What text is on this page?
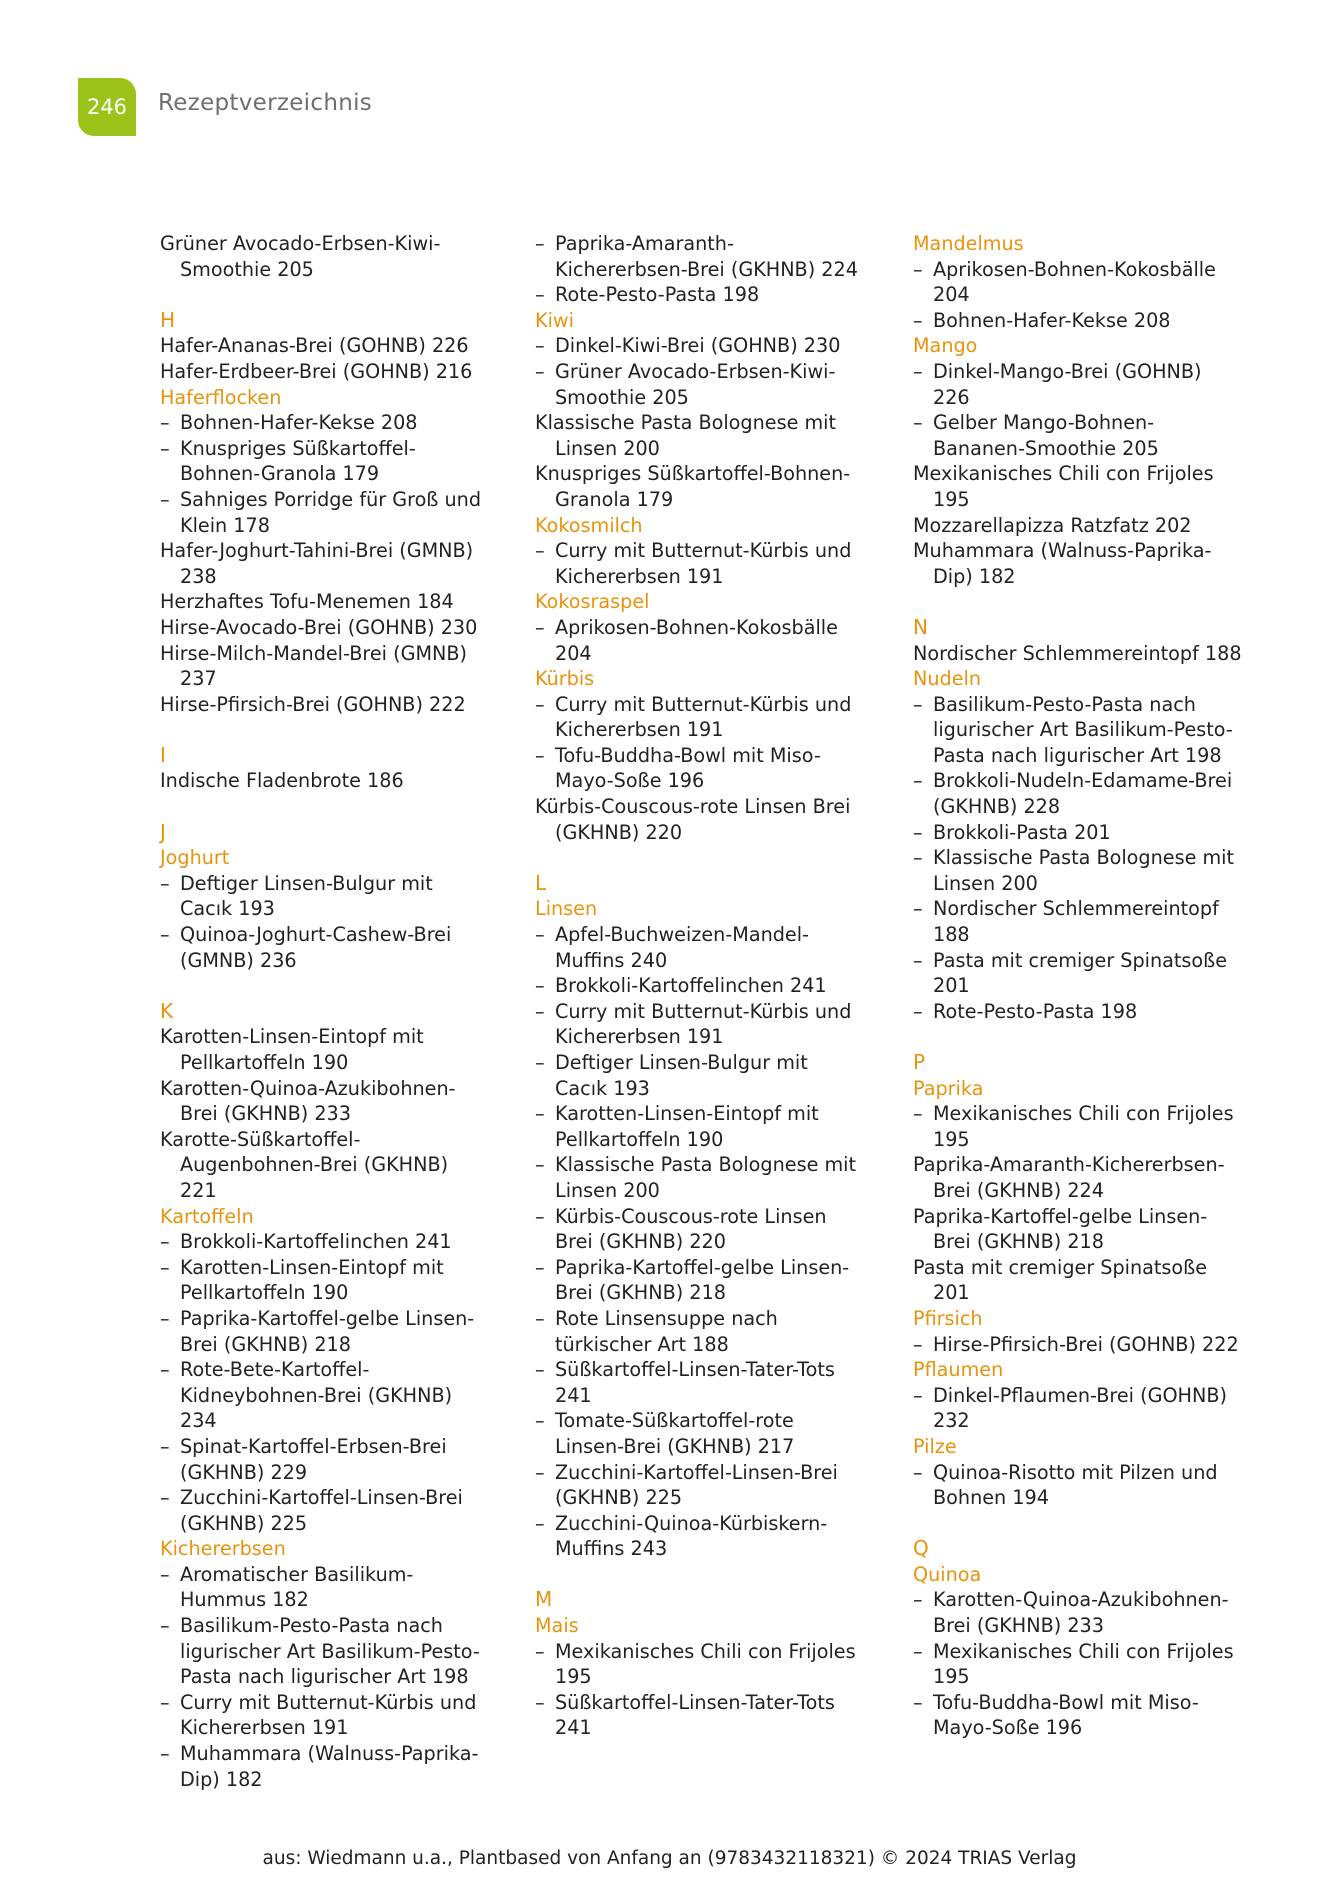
246 Rezeptverzeichnis
Grüner Avocado-Erbsen-Kiwi-Smoothie 205
H
Hafer-Ananas-Brei (GOHNB) 226
Hafer-Erdbeer-Brei (GOHNB) 216
Haferflocken
– Bohnen-Hafer-Kekse 208
– Knuspriges Süßkartoffel-Bohnen-Granola 179
– Sahniges Porridge für Groß und Klein 178
Hafer-Joghurt-Tahini-Brei (GMNB) 238
Herzhaftes Tofu-Menemen 184
Hirse-Avocado-Brei (GOHNB) 230
Hirse-Milch-Mandel-Brei (GMNB) 237
Hirse-Pfirsich-Brei (GOHNB) 222
I
Indische Fladenbrote 186
J
Joghurt
– Deftiger Linsen-Bulgur mit Cacık 193
– Quinoa-Joghurt-Cashew-Brei (GMNB) 236
K
Karotten-Linsen-Eintopf mit Pellkartoffeln 190
Karotten-Quinoa-Azukibohnen-Brei (GKHNB) 233
Karotte-Süßkartoffel-Augenbohnen-Brei (GKHNB) 221
Kartoffeln
– Brokkoli-Kartoffelinchen 241
– Karotten-Linsen-Eintopf mit Pellkartoffeln 190
– Paprika-Kartoffel-gelbe Linsen-Brei (GKHNB) 218
– Rote-Bete-Kartoffel-Kidneybohnen-Brei (GKHNB) 234
– Spinat-Kartoffel-Erbsen-Brei (GKHNB) 229
– Zucchini-Kartoffel-Linsen-Brei (GKHNB) 225
Kichererbsen
– Aromatischer Basilikum-Hummus 182
– Basilikum-Pesto-Pasta nach ligurischer Art Basilikum-Pesto-Pasta nach ligurischer Art 198
– Curry mit Butternut-Kürbis und Kichererbsen 191
– Muhammara (Walnuss-Paprika-Dip) 182
– Paprika-Amaranth-Kichererbsen-Brei (GKHNB) 224
– Rote-Pesto-Pasta 198
Kiwi
– Dinkel-Kiwi-Brei (GOHNB) 230
– Grüner Avocado-Erbsen-Kiwi-Smoothie 205
Klassische Pasta Bolognese mit Linsen 200
Knuspriges Süßkartoffel-Bohnen-Granola 179
Kokosmilch
– Curry mit Butternut-Kürbis und Kichererbsen 191
Kokosraspel
– Aprikosen-Bohnen-Kokosbälle 204
Kürbis
– Curry mit Butternut-Kürbis und Kichererbsen 191
– Tofu-Buddha-Bowl mit Miso-Mayo-Soße 196
Kürbis-Couscous-rote Linsen Brei (GKHNB) 220
L
Linsen
– Apfel-Buchweizen-Mandel-Muffins 240
– Brokkoli-Kartoffelinchen 241
– Curry mit Butternut-Kürbis und Kichererbsen 191
– Deftiger Linsen-Bulgur mit Cacık 193
– Karotten-Linsen-Eintopf mit Pellkartoffeln 190
– Klassische Pasta Bolognese mit Linsen 200
– Kürbis-Couscous-rote Linsen Brei (GKHNB) 220
– Paprika-Kartoffel-gelbe Linsen-Brei (GKHNB) 218
– Rote Linsensuppe nach türkischer Art 188
– Süßkartoffel-Linsen-Tater-Tots 241
– Tomate-Süßkartoffel-rote Linsen-Brei (GKHNB) 217
– Zucchini-Kartoffel-Linsen-Brei (GKHNB) 225
– Zucchini-Quinoa-Kürbiskern-Muffins 243
M
Mais
– Mexikanisches Chili con Frijoles 195
– Süßkartoffel-Linsen-Tater-Tots 241
Mandelmus
– Aprikosen-Bohnen-Kokosbälle 204
– Bohnen-Hafer-Kekse 208
Mango
– Dinkel-Mango-Brei (GOHNB) 226
– Gelber Mango-Bohnen-Bananen-Smoothie 205
Mexikanisches Chili con Frijoles 195
Mozzarellapizza Ratzfatz 202
Muhammara (Walnuss-Paprika-Dip) 182
N
Nordischer Schlemmereintopf 188
Nudeln
– Basilikum-Pesto-Pasta nach ligurischer Art Basilikum-Pesto-Pasta nach ligurischer Art 198
– Brokkoli-Nudeln-Edamame-Brei (GKHNB) 228
– Brokkoli-Pasta 201
– Klassische Pasta Bolognese mit Linsen 200
– Nordischer Schlemmereintopf 188
– Pasta mit cremiger Spinatsoße 201
– Rote-Pesto-Pasta 198
P
Paprika
– Mexikanisches Chili con Frijoles 195
Paprika-Amaranth-Kichererbsen-Brei (GKHNB) 224
Paprika-Kartoffel-gelbe Linsen-Brei (GKHNB) 218
Pasta mit cremiger Spinatsoße 201
Pfirsich
– Hirse-Pfirsich-Brei (GOHNB) 222
Pflaumen
– Dinkel-Pflaumen-Brei (GOHNB) 232
Pilze
– Quinoa-Risotto mit Pilzen und Bohnen 194
Q
Quinoa
– Karotten-Quinoa-Azukibohnen-Brei (GKHNB) 233
– Mexikanisches Chili con Frijoles 195
– Tofu-Buddha-Bowl mit Miso-Mayo-Soße 196
aus: Wiedmann u.a., Plantbased von Anfang an (9783432118321) © 2024 TRIAS Verlag
